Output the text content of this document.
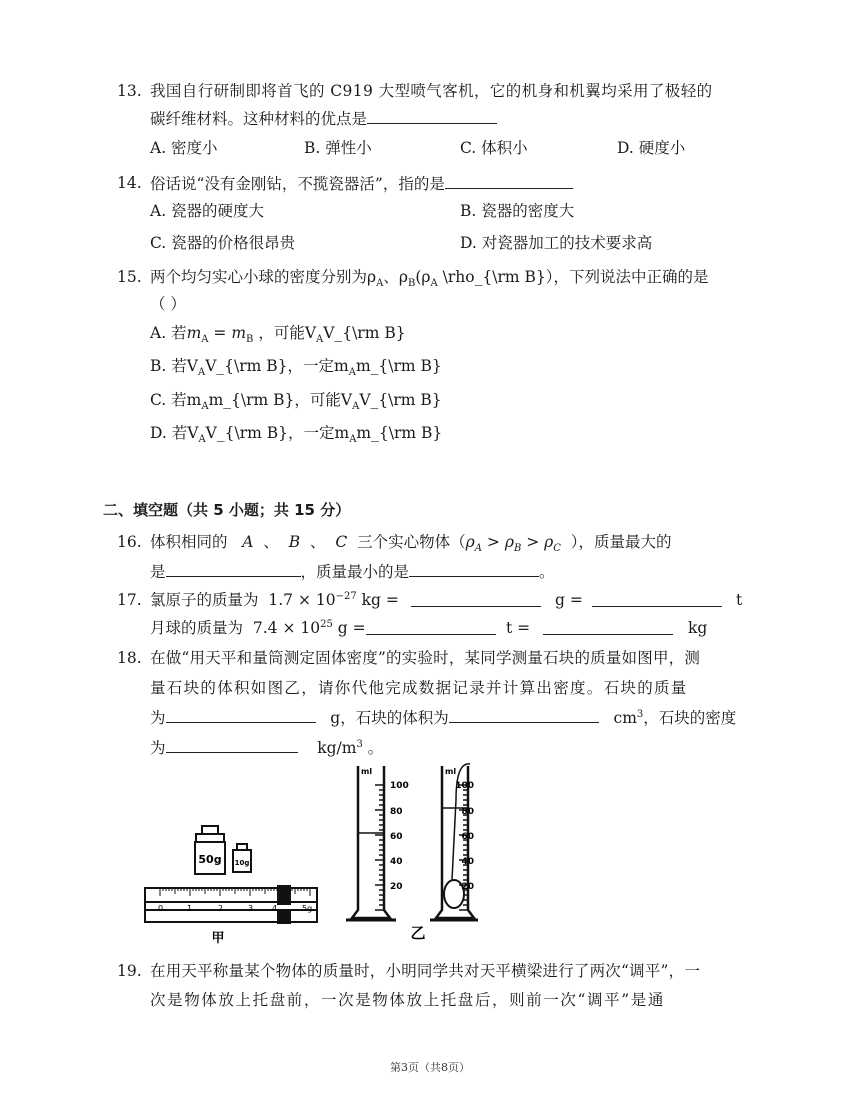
13. 我国自行研制即将首飞的 C919 大型喷气客机，它的机身和机翼均采用了极轻的
碳纤维材料。这种材料的优点是
A. 密度小	B. 弹性小	C. 体积小	D. 硬度小
14. 俗话说“没有金刚钻，不揽瓷器活”，指的是
A. 瓷器的硬度大	B. 瓷器的密度大
C. 瓷器的价格很昂贵	D. 对瓷器加工的技术要求高
15. 两个均匀实心小球的密度分别为$\rho_A$、$\rho_B(\rho_A$ \rho_{\rm B}），下列说法中正确的是
（ ）
A. 若$m_A = m_B$ ，可能$V_AV\_\{\backslash rm$ B}
B. 若$V_AV\_\{\backslash rm$ B}，一定$m_Am\_\{\backslash rm$ B}
C. 若$m_Am\_\{\backslash rm$ B}，可能$V_AV\_\{\backslash rm$ B}
D. 若$V_AV\_\{\backslash rm$ B}，一定$m_Am\_\{\backslash rm$ B}
二、填空题（共 5 小题；共 15 分）
16. 体积相同的 A 、 B 、 C 三个实心物体（$\rho_A > \rho_B > \rho_C$ ），质量最大的
是	，质量最小的是	。
17. 氯原子的质量为 $1.7 \times 10^{-27}$ kg =	g =	t
月球的质量为 $7.4 \times 10^{25}$ g =	t =	kg
18. 在做“用天平和量筒测定固体密度”的实验时，某同学测量石块的质量如图甲，测
量石块的体积如图乙，请你代他完成数据记录并计算出密度。石块的质量
为	g，石块的体积为	$cm^3$，石块的密度
为	$kg/m^3$ 。
50g 10g
0	1	2	3 4	5g
甲
ml
100
80
60
40
20
ml
100
80
60
40
20
乙
19. 在用天平称量某个物体的质量时，小明同学共对天平横梁进行了两次“调平”，一
次是物体放上托盘前，一次是物体放上托盘后，则前一次“调平”是通
第3页（共8页）
